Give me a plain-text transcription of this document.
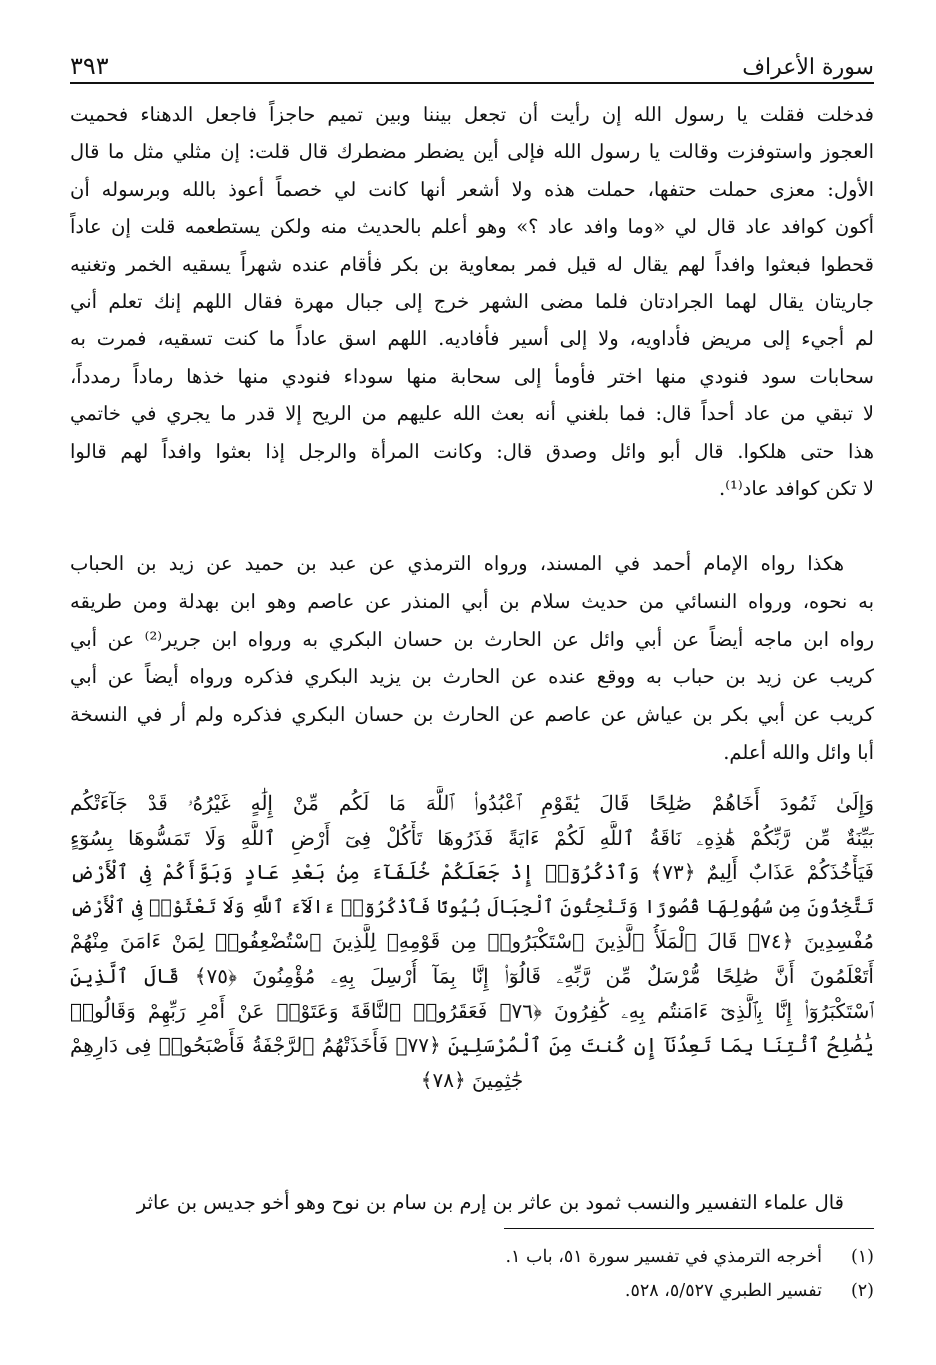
سورة الأعراف
٣٩٣
فدخلت فقلت يا رسول الله إن رأيت أن تجعل بيننا وبين تميم حاجزاً فاجعل الدهناء فحميت
العجوز واستوفزت وقالت يا رسول الله فإلى أين يضطر مضطرك قال قلت: إن مثلي مثل ما قال
الأول: معزى حملت حتفها، حملت هذه ولا أشعر أنها كانت لي خصماً أعوذ بالله وبرسوله أن
أكون كوافد عاد قال لي «وما وافد عاد ؟» وهو أعلم بالحديث منه ولكن يستطعمه قلت إن عاداً
قحطوا فبعثوا وافداً لهم يقال له قيل فمر بمعاوية بن بكر فأقام عنده شهراً يسقيه الخمر وتغنيه
جاريتان يقال لهما الجرادتان فلما مضى الشهر خرج إلى جبال مهرة فقال اللهم إنك تعلم أني
لم أجيء إلى مريض فأداويه، ولا إلى أسير فأفاديه. اللهم اسق عاداً ما كنت تسقيه، فمرت به
سحابات سود فنودي منها اختر فأومأ إلى سحابة منها سوداء فنودي منها خذها رماداً رمدداً،
لا تبقي من عاد أحداً قال: فما بلغني أنه بعث الله عليهم من الريح إلا قدر ما يجري في خاتمي
هذا حتى هلكوا. قال أبو وائل وصدق قال: وكانت المرأة والرجل إذا بعثوا وافداً لهم قالوا
لا تكن كوافد عاد⁽¹⁾.
هكذا رواه الإمام أحمد في المسند، ورواه الترمذي عن عبد بن حميد عن زيد بن الحباب
به نحوه، ورواه النسائي من حديث سلام بن أبي المنذر عن عاصم وهو ابن بهدلة ومن طريقه
رواه ابن ماجه أيضاً عن أبي وائل عن الحارث بن حسان البكري به ورواه ابن جرير⁽²⁾ عن أبي
كريب عن زيد بن حباب به ووقع عنده عن الحارث بن يزيد البكري فذكره ورواه أيضاً عن أبي
كريب عن أبي بكر بن عياش عن عاصم عن الحارث بن حسان البكري فذكره ولم أر في النسخة
أبا وائل والله أعلم.
وَإِلَىٰ ثَمُودَ أَخَاهُمْ صَٰلِحًا قَالَ يَٰقَوْمِ ٱعْبُدُوا۟ ٱللَّهَ مَا لَكُم مِّنْ إِلَٰهٍ غَيْرُهُۥ قَدْ جَآءَتْكُم
بَيِّنَةٌ مِّن رَّبِّكُمْ هَٰذِهِۦ نَاقَةُ ٱللَّهِ لَكُمْ ءَايَةً فَذَرُوهَا تَأْكُلْ فِىٓ أَرْضِ ٱللَّهِ وَلَا تَمَسُّوهَا بِسُوٓءٍ
فَيَأْخُذَكُمْ عَذَابٌ أَلِيمٌ ﴿٧٣﴾ وَٱذْكُرُوٓا۟ إِذْ جَعَلَكُمْ خُلَفَآءَ مِنۢ بَعْدِ عَادٍ وَبَوَّأَكُمْ فِى ٱلْأَرْضِ
تَتَّخِذُونَ مِن سُهُولِهَا قُصُورًا وَتَنْحِتُونَ ٱلْجِبَالَ بُيُوتًا فَٱذْكُرُوٓا۟ ءَالَآءَ ٱللَّهِ وَلَا تَعْثَوْا۟ فِى ٱلْأَرْضِ
مُفْسِدِينَ ﴿٧٤﴾ قَالَ ٱلْمَلَأُ ٱلَّذِينَ ٱسْتَكْبَرُوا۟ مِن قَوْمِهِۦ لِلَّذِينَ ٱسْتُضْعِفُوا۟ لِمَنْ ءَامَنَ مِنْهُمْ
أَتَعْلَمُونَ أَنَّ صَٰلِحًا مُّرْسَلٌ مِّن رَّبِّهِۦ قَالُوٓا۟ إِنَّا بِمَآ أُرْسِلَ بِهِۦ مُؤْمِنُونَ ﴿٧٥﴾ قَالَ ٱلَّذِينَ
ٱسْتَكْبَرُوٓا۟ إِنَّا بِٱلَّذِىٓ ءَامَنتُم بِهِۦ كَٰفِرُونَ ﴿٧٦﴾ فَعَقَرُوا۟ ٱلنَّاقَةَ وَعَتَوْا۟ عَنْ أَمْرِ رَبِّهِمْ وَقَالُوا۟
يَٰصَٰلِحُ ٱئْتِنَا بِمَا تَعِدُنَآ إِن كُنتَ مِنَ ٱلْمُرْسَلِينَ ﴿٧٧﴾ فَأَخَذَتْهُمُ ٱلرَّجْفَةُ فَأَصْبَحُوا۟ فِى دَارِهِمْ
جَٰثِمِينَ ﴿٧٨﴾
قال علماء التفسير والنسب ثمود بن عاثر بن إرم بن سام بن نوح وهو أخو جديس بن عاثر
(١)
أخرجه الترمذي في تفسير سورة ٥١، باب ١.
(٢)
تفسير الطبري ٥/٥٢٧، ٥٢٨.
